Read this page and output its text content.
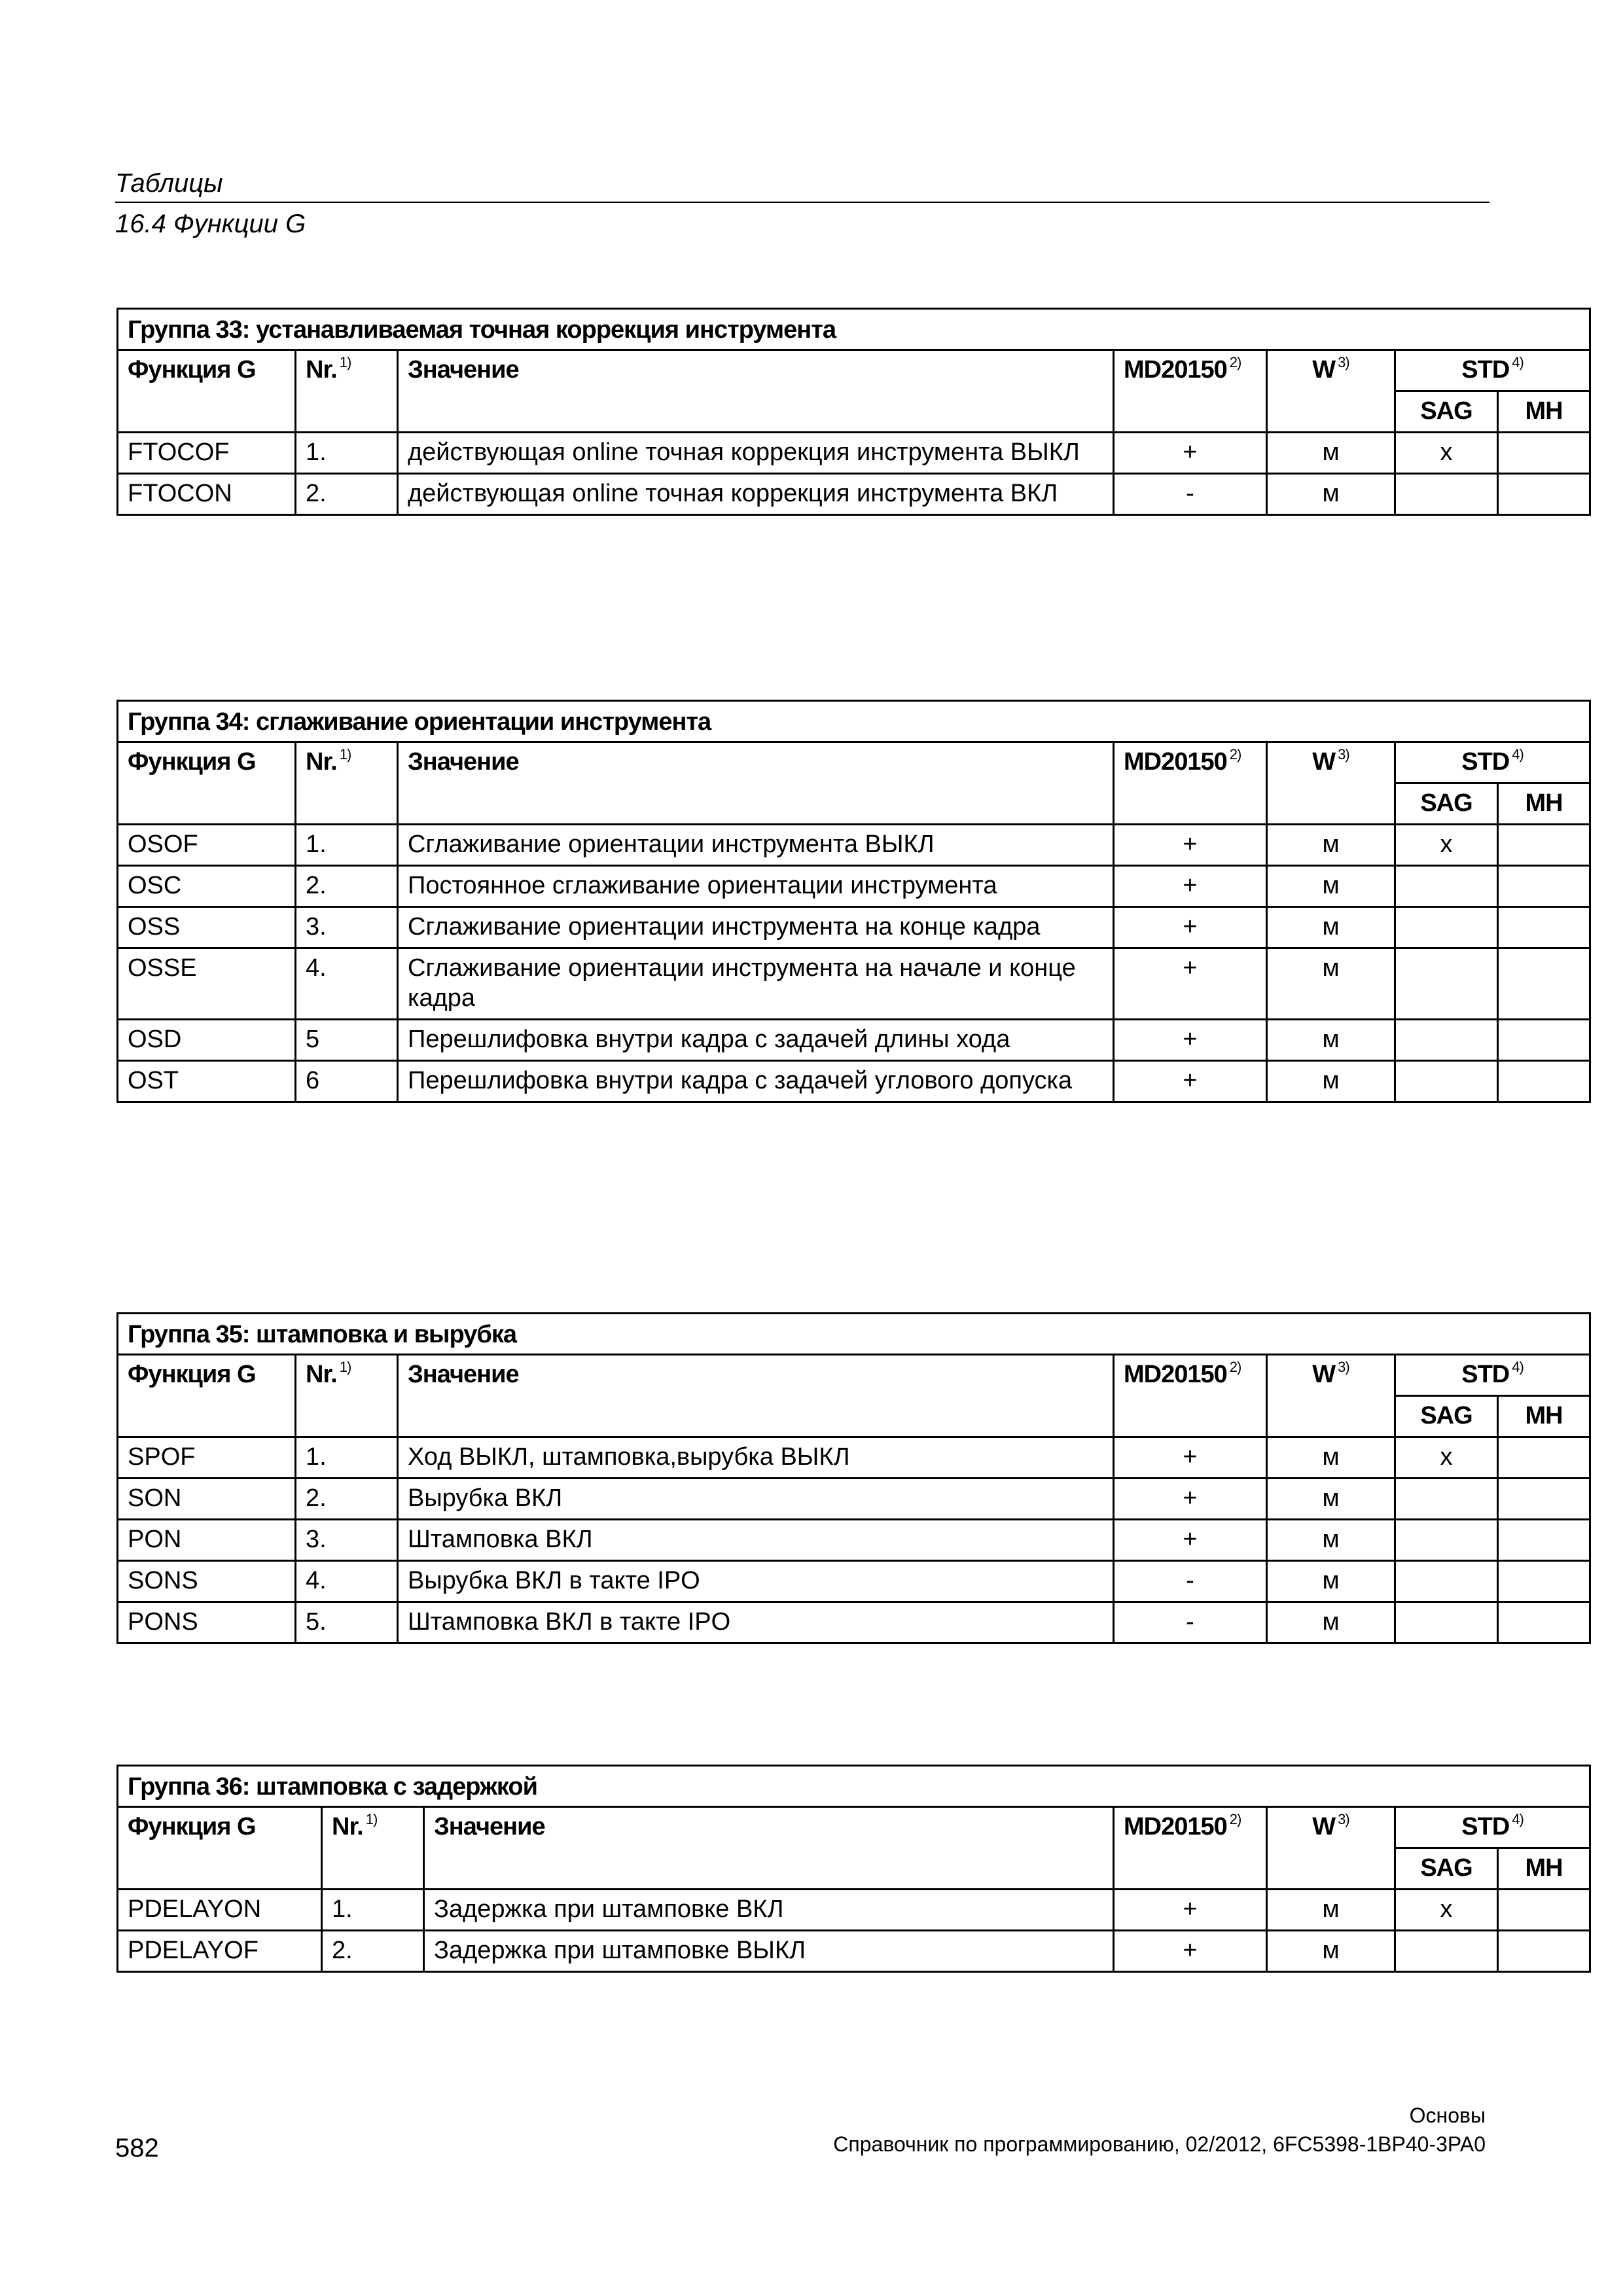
Таблицы
16.4 Функции G
Группа 33: устанавливаемая точная коррекция инструмента						
Функция G	Nr. $^{1)}$	Значение	MD20150 $^{2)}$	W $^{3)}$	STD $^{4)}$
					SAG	MH
FTOCOF	1.	действующая online точная коррекция инструмента ВЫКЛ	+	м	x	
FTOCON	2.	действующая online точная коррекция инструмента ВКЛ	-	м		
Группа 34: сглаживание ориентации инструмента						
Функция G	Nr. $^{1)}$	Значение	MD20150 $^{2)}$	W $^{3)}$	STD $^{4)}$
					SAG	MH
OSOF	1.	Сглаживание ориентации инструмента ВЫКЛ	+	м	x	
OSC	2.	Постоянное сглаживание ориентации инструмента	+	м		
OSS	3.	Сглаживание ориентации инструмента на конце кадра	+	м		
OSSE	4.	Сглаживание ориентации инструмента на начале и конце кадра	+	м		
OSD	5	Перешлифовка внутри кадра с задачей длины хода	+	м		
OST	6	Перешлифовка внутри кадра с задачей углового допуска	+	м		
Группа 35: штамповка и вырубка						
Функция G	Nr. $^{1)}$	Значение	MD20150 $^{2)}$	W $^{3)}$	STD $^{4)}$
					SAG	MH
SPOF	1.	Ход ВЫКЛ, штамповка,вырубка ВЫКЛ	+	м	x	
SON	2.	Вырубка ВКЛ	+	м		
PON	3.	Штамповка ВКЛ	+	м		
SONS	4.	Вырубка ВКЛ в такте IPO	-	м		
PONS	5.	Штамповка ВКЛ в такте IPO	-	м		
Группа 36: штамповка с задержкой						
Функция G	Nr. $^{1)}$	Значение	MD20150 $^{2)}$	W $^{3)}$	STD $^{4)}$
					SAG	MH
PDELAYON	1.	Задержка при штамповке ВКЛ	+	м	x	
PDELAYOF	2.	Задержка при штамповке ВЫКЛ	+	м		
Основы
Справочник по программированию, 02/2012, 6FC5398-1BP40-3PA0
582
